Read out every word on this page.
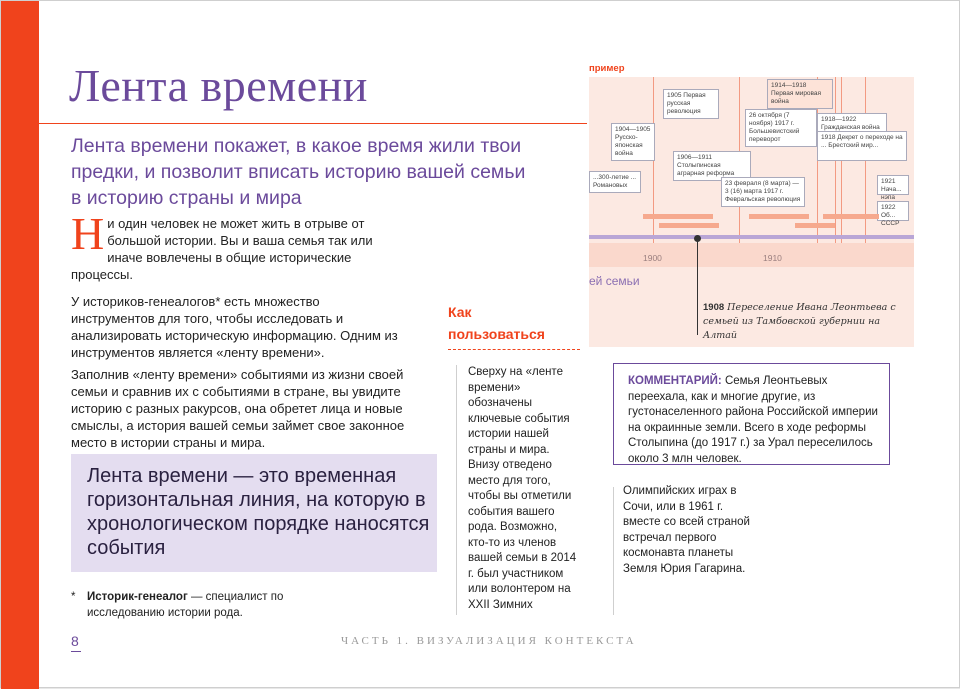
Лента времени
Лента времени покажет, в какое время жили твои предки, и позволит вписать историю вашей семьи в историю страны и мира
Ни один человек не может жить в отрыве от большой истории. Вы и ваша семья так или иначе вовлечены в общие исторические процессы.
У историков-генеалогов* есть множество инструментов для того, чтобы исследовать и анализировать историческую информацию. Одним из инструментов является «ленту времени».
Заполнив «ленту времени» событиями из жизни своей семьи и сравнив их с событиями в стране, вы увидите историю с разных ракурсов, она обретет лица и новые смыслы, а история вашей семьи займет свое законное место в истории страны и мира.
Лента времени — это временная горизонтальная линия, на которую в хронологическом порядке наносятся события
* Историк-генеалог — специалист по исследованию истории рода.
8	ЧАСТЬ 1. ВИЗУАЛИЗАЦИЯ КОНТЕКСТА
пример
1905 Первая русская революция
1914—1918 Первая мировая война
1904—1905 Русско-японская война
26 октября (7 ноября) 1917 г. Большевистский переворот
1918—1922 Гражданская война
1918 Декрет о переходе на ... Брестский мир...
1906—1911 Столыпинская аграрная реформа
...300-летие ... Романовых	23 февраля (8 марта) — 3 (16) марта 1917 г. Февральская революция
1921 Нача... нэпа
1922 Об... СССР
1900	1910
ей семьи
1908 Переселение Ивана Леонтьева с семьей из Тамбовской губернии на Алтай
Как пользоваться
Сверху на «ленте времени» обозначены ключевые события истории нашей страны и мира. Внизу отведено место для того, чтобы вы отметили события вашего рода. Возможно, кто-то из членов вашей семьи в 2014 г. был участником или волонтером на XXII Зимних
Олимпийских играх в Сочи, или в 1961 г. вместе со всей страной встречал первого космонавта планеты Земля Юрия Гагарина.
КОММЕНТАРИЙ: Семья Леонтьевых переехала, как и многие другие, из густонаселенного района Российской империи на окраинные земли. Всего в ходе реформы Столыпина (до 1917 г.) за Урал переселилось около 3 млн человек.
